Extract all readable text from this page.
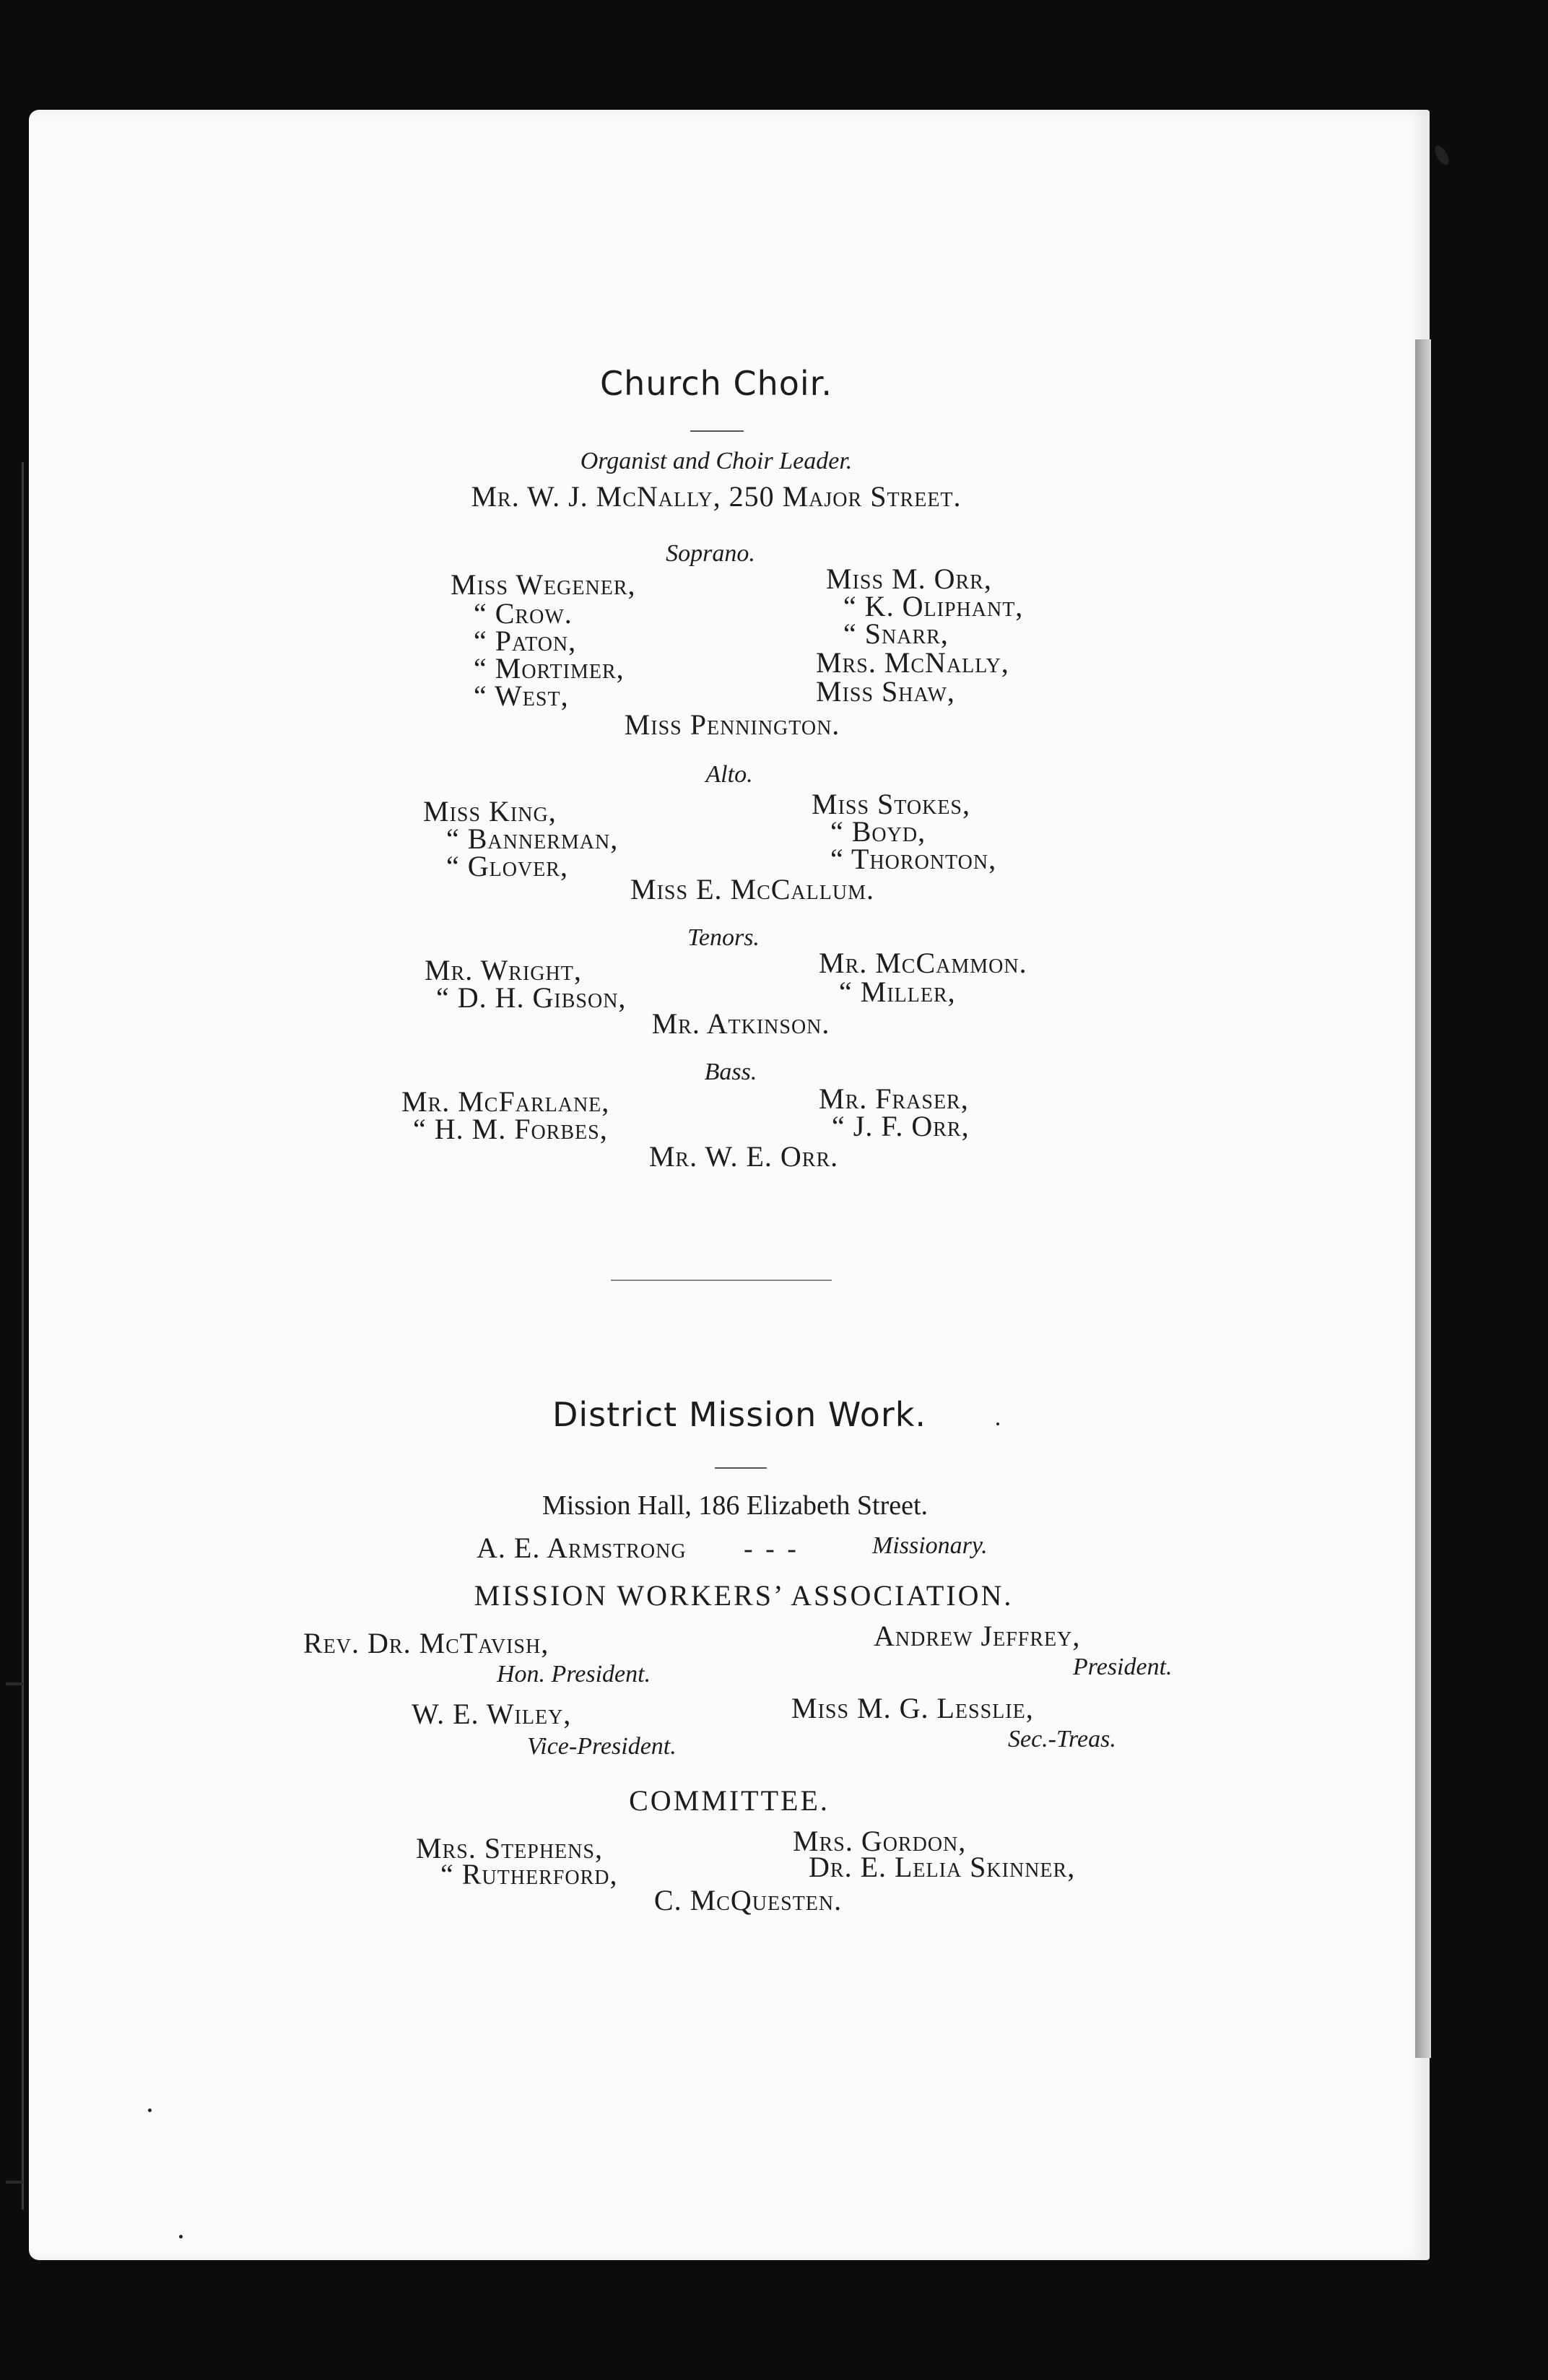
Church Choir.
Organist and Choir Leader.
Mr. W. J. McNally, 250 Major Street.
Soprano.
Miss Wegener,
“ Crow.
“ Paton,
“ Mortimer,
“ West,
Miss M. Orr,
“ K. Oliphant,
“ Snarr,
Mrs. McNally,
Miss Shaw,
Miss Pennington.
Alto.
Miss King,
“ Bannerman,
“ Glover,
Miss Stokes,
“ Boyd,
“ Thoronton,
Miss E. McCallum.
Tenors.
Mr. Wright,
“ D. H. Gibson,
Mr. McCammon.
“ Miller,
Mr. Atkinson.
Bass.
Mr. McFarlane,
“ H. M. Forbes,
Mr. Fraser,
“ J. F. Orr,
Mr. W. E. Orr.
District Mission Work.
Mission Hall, 186 Elizabeth Street.
A. E. Armstrong - - -	Missionary.
MISSION WORKERS’ ASSOCIATION.
Rev. Dr. McTavish,
Hon. President.
Andrew Jeffrey,
President.
W. E. Wiley,
Vice-President.
Miss M. G. Lesslie,
Sec.-Treas.
COMMITTEE.
Mrs. Stephens,
“ Rutherford,
Mrs. Gordon,
Dr. E. Lelia Skinner,
C. McQuesten.
